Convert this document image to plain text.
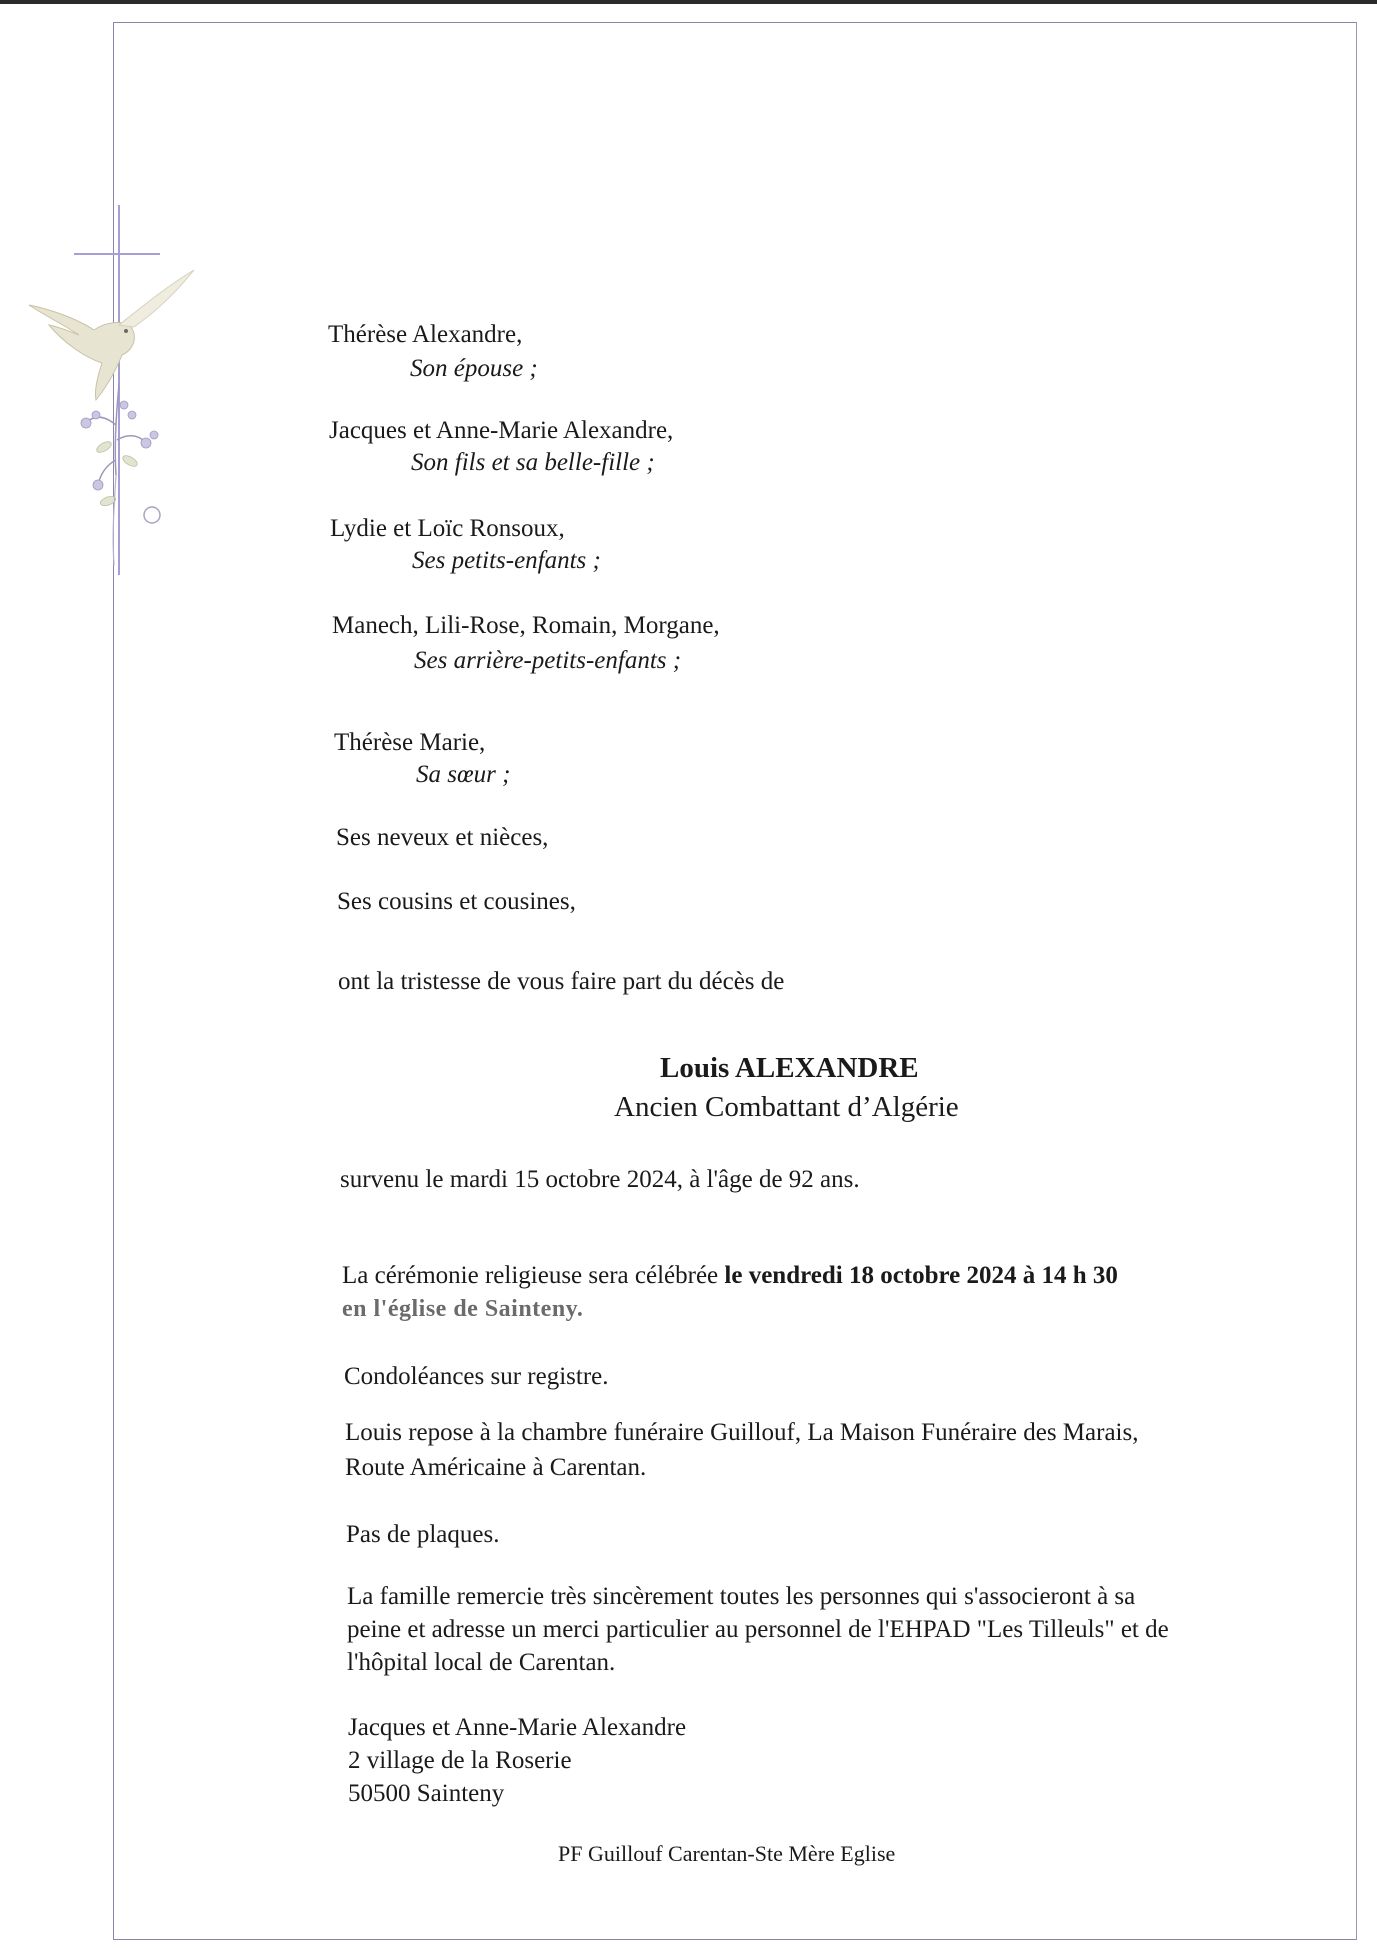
Thérèse Alexandre,
Son épouse ;
Jacques et Anne-Marie Alexandre,
Son fils et sa belle-fille ;
Lydie et Loïc Ronsoux,
Ses petits-enfants ;
Manech, Lili-Rose, Romain, Morgane,
Ses arrière-petits-enfants ;
Thérèse Marie,
Sa sœur ;
Ses neveux et nièces,
Ses cousins et cousines,
ont la tristesse de vous faire part du décès de
Louis ALEXANDRE
Ancien Combattant d’Algérie
survenu le mardi 15 octobre 2024, à l'âge de 92 ans.
La cérémonie religieuse sera célébrée le vendredi 18 octobre 2024 à 14 h 30
en l'église de Sainteny.
Condoléances sur registre.
Louis repose à la chambre funéraire Guillouf, La Maison Funéraire des Marais,
Route Américaine à Carentan.
Pas de plaques.
La famille remercie très sincèrement toutes les personnes qui s'associeront à sa
peine et adresse un merci particulier au personnel de l'EHPAD "Les Tilleuls" et de
l'hôpital local de Carentan.
Jacques et Anne-Marie Alexandre
2 village de la Roserie
50500 Sainteny
PF Guillouf Carentan-Ste Mère Eglise
